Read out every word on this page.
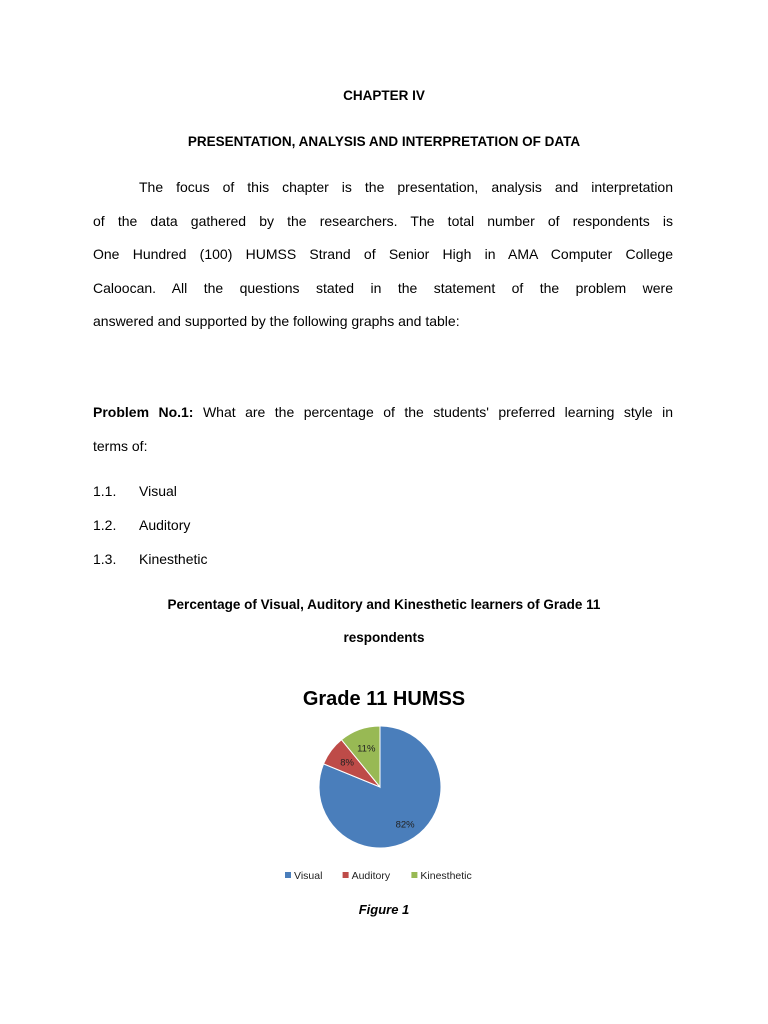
CHAPTER IV
PRESENTATION, ANALYSIS AND INTERPRETATION OF DATA
The focus of this chapter is the presentation, analysis and interpretation
of the data gathered by the researchers. The total number of respondents is
One Hundred (100) HUMSS Strand of Senior High in AMA Computer College
Caloocan. All the questions stated in the statement of the problem were
answered and supported by the following graphs and table:
Problem No.1: What are the percentage of the students' preferred learning style in
terms of:
1.1. Visual
1.2. Auditory
1.3. Kinesthetic
Percentage of Visual, Auditory and Kinesthetic learners of Grade 11
respondents
Grade 11 HUMSS
82%
8%
11%
Visual	Auditory	Kinesthetic
Figure 1
